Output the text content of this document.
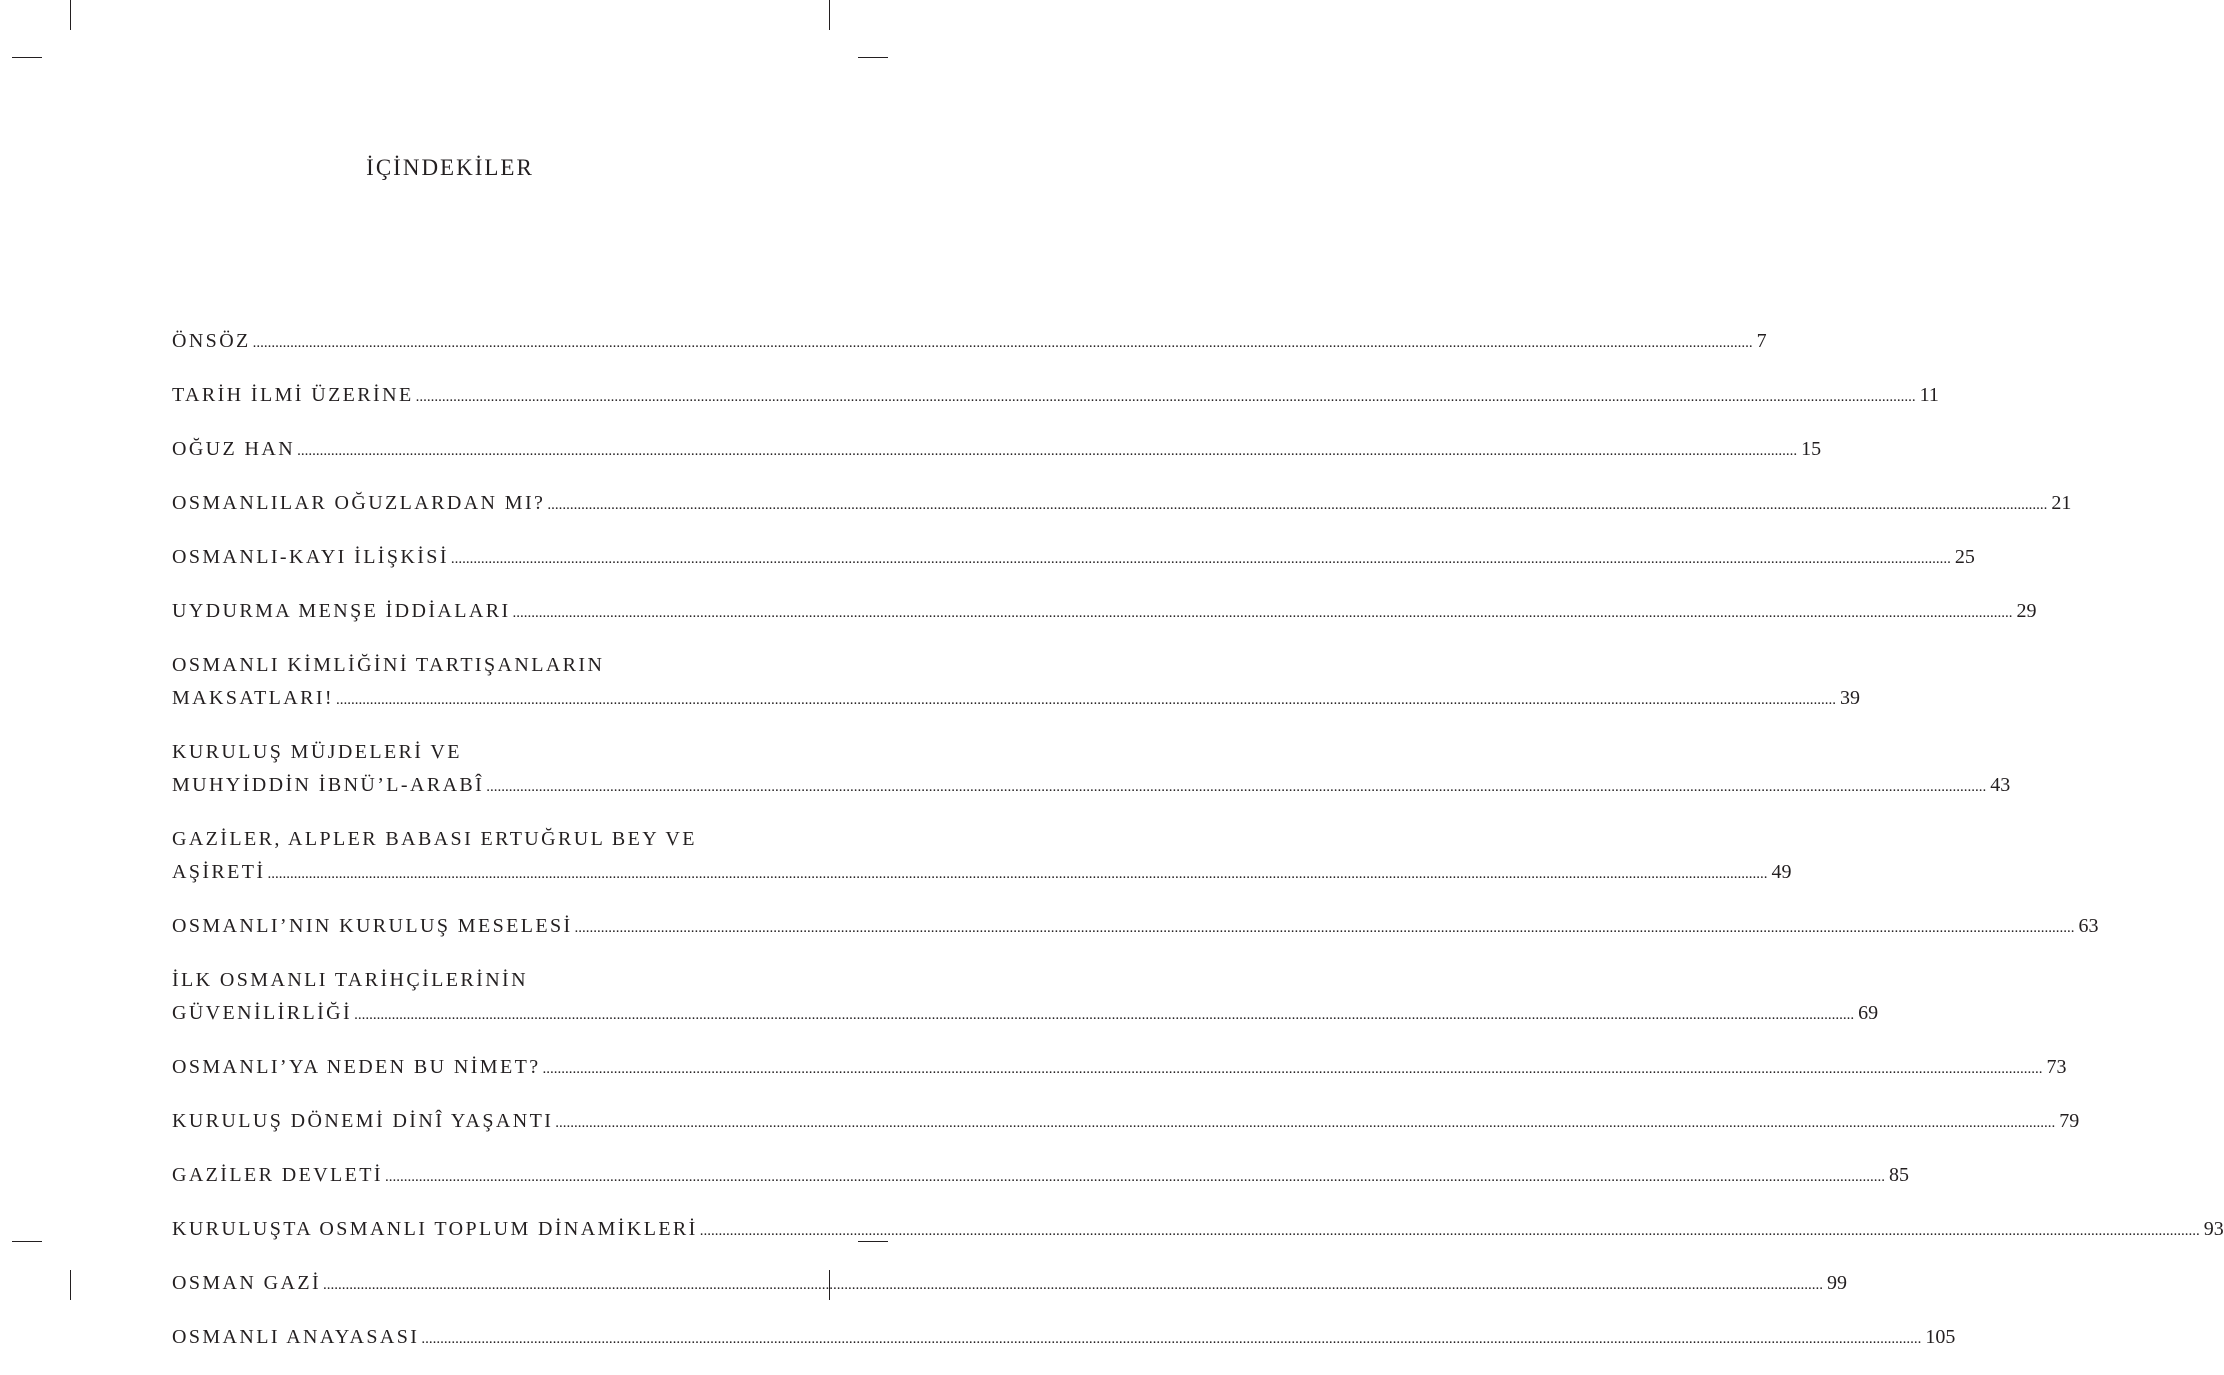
İÇİNDEKİLER
ÖNSÖZ ................................................................................................................................................................................................................................................................................................................................................................................................................ 7
TARİH İLMİ ÜZERİNE ................................................................................................................................................................................................................................................................................................................................................................................................................ 11
OĞUZ HAN ................................................................................................................................................................................................................................................................................................................................................................................................................ 15
OSMANLILAR OĞUZLARDAN MI? ................................................................................................................................................................................................................................................................................................................................................................................................................ 21
OSMANLI-KAYI İLİŞKİSİ ................................................................................................................................................................................................................................................................................................................................................................................................................ 25
UYDURMA MENŞE İDDİALARI ................................................................................................................................................................................................................................................................................................................................................................................................................ 29
OSMANLI KİMLİĞİNİ TARTIŞANLARIN
MAKSATLARI! ................................................................................................................................................................................................................................................................................................................................................................................................................ 39
KURULUŞ MÜJDELERİ VE
MUHYİDDİN İBNÜ’L-ARABÎ ................................................................................................................................................................................................................................................................................................................................................................................................................ 43
GAZİLER, ALPLER BABASI ERTUĞRUL BEY VE
AŞİRETİ ................................................................................................................................................................................................................................................................................................................................................................................................................ 49
OSMANLI’NIN KURULUŞ MESELESİ ................................................................................................................................................................................................................................................................................................................................................................................................................ 63
İLK OSMANLI TARİHÇİLERİNİN
GÜVENİLİRLİĞİ ................................................................................................................................................................................................................................................................................................................................................................................................................ 69
OSMANLI’YA NEDEN BU NİMET? ................................................................................................................................................................................................................................................................................................................................................................................................................ 73
KURULUŞ DÖNEMİ DİNÎ YAŞANTI ................................................................................................................................................................................................................................................................................................................................................................................................................ 79
GAZİLER DEVLETİ ................................................................................................................................................................................................................................................................................................................................................................................................................ 85
KURULUŞTA OSMANLI TOPLUM DİNAMİKLERİ ................................................................................................................................................................................................................................................................................................................................................................................................................ 93
OSMAN GAZİ ................................................................................................................................................................................................................................................................................................................................................................................................................ 99
OSMANLI ANAYASASI ................................................................................................................................................................................................................................................................................................................................................................................................................ 105
